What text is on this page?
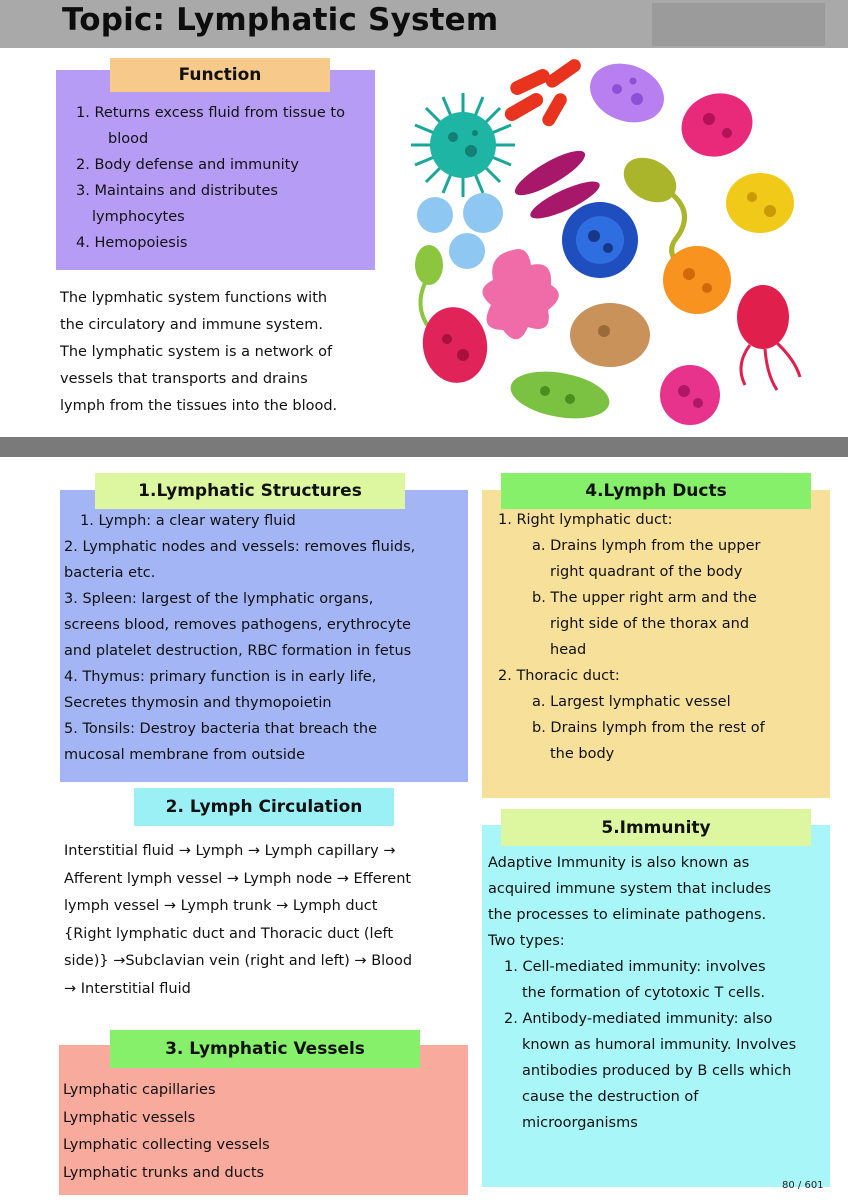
Topic: Lymphatic System
Function

1. Returns excess fluid from tissue to

blood

2. Body defense and immunity

3. Maintains and distributes

lymphocytes

4. Hemopoiesis

The lypmhatic system functions with

the circulatory and immune system.

The lymphatic system is a network of

vessels that transports and drains

lymph from the tissues into the blood.

1.Lymphatic Structures

1. Lymph: a clear watery fluid

2. Lymphatic nodes and vessels: removes fluids,

bacteria etc.

3. Spleen: largest of the lymphatic organs,

screens blood, removes pathogens, erythrocyte

and platelet destruction, RBC formation in fetus

4. Thymus: primary function is in early life,

Secretes thymosin and thymopoietin

5. Tonsils: Destroy bacteria that breach the

mucosal membrane from outside

4.Lymph Ducts

1. Right lymphatic duct:

a. Drains lymph from the upper

right quadrant of the body

b. The upper right arm and the

right side of the thorax and

head

2. Thoracic duct:

a. Largest lymphatic vessel

b. Drains lymph from the rest of

the body

2. Lymph Circulation

Interstitial fluid → Lymph → Lymph capillary →

Afferent lymph vessel → Lymph node → Efferent

lymph vessel → Lymph trunk → Lymph duct

{Right lymphatic duct and Thoracic duct (left

side)} →Subclavian vein (right and left) → Blood

→ Interstitial fluid

3. Lymphatic Vessels

Lymphatic capillaries

Lymphatic vessels

Lymphatic collecting vessels

Lymphatic trunks and ducts

5.Immunity

Adaptive Immunity is also known as

acquired immune system that includes

the processes to eliminate pathogens.

Two types:

1. Cell-mediated immunity: involves

the formation of cytotoxic T cells.

2. Antibody-mediated immunity: also

known as humoral immunity. Involves

antibodies produced by B cells which

cause the destruction of

microorganisms

80 / 601
